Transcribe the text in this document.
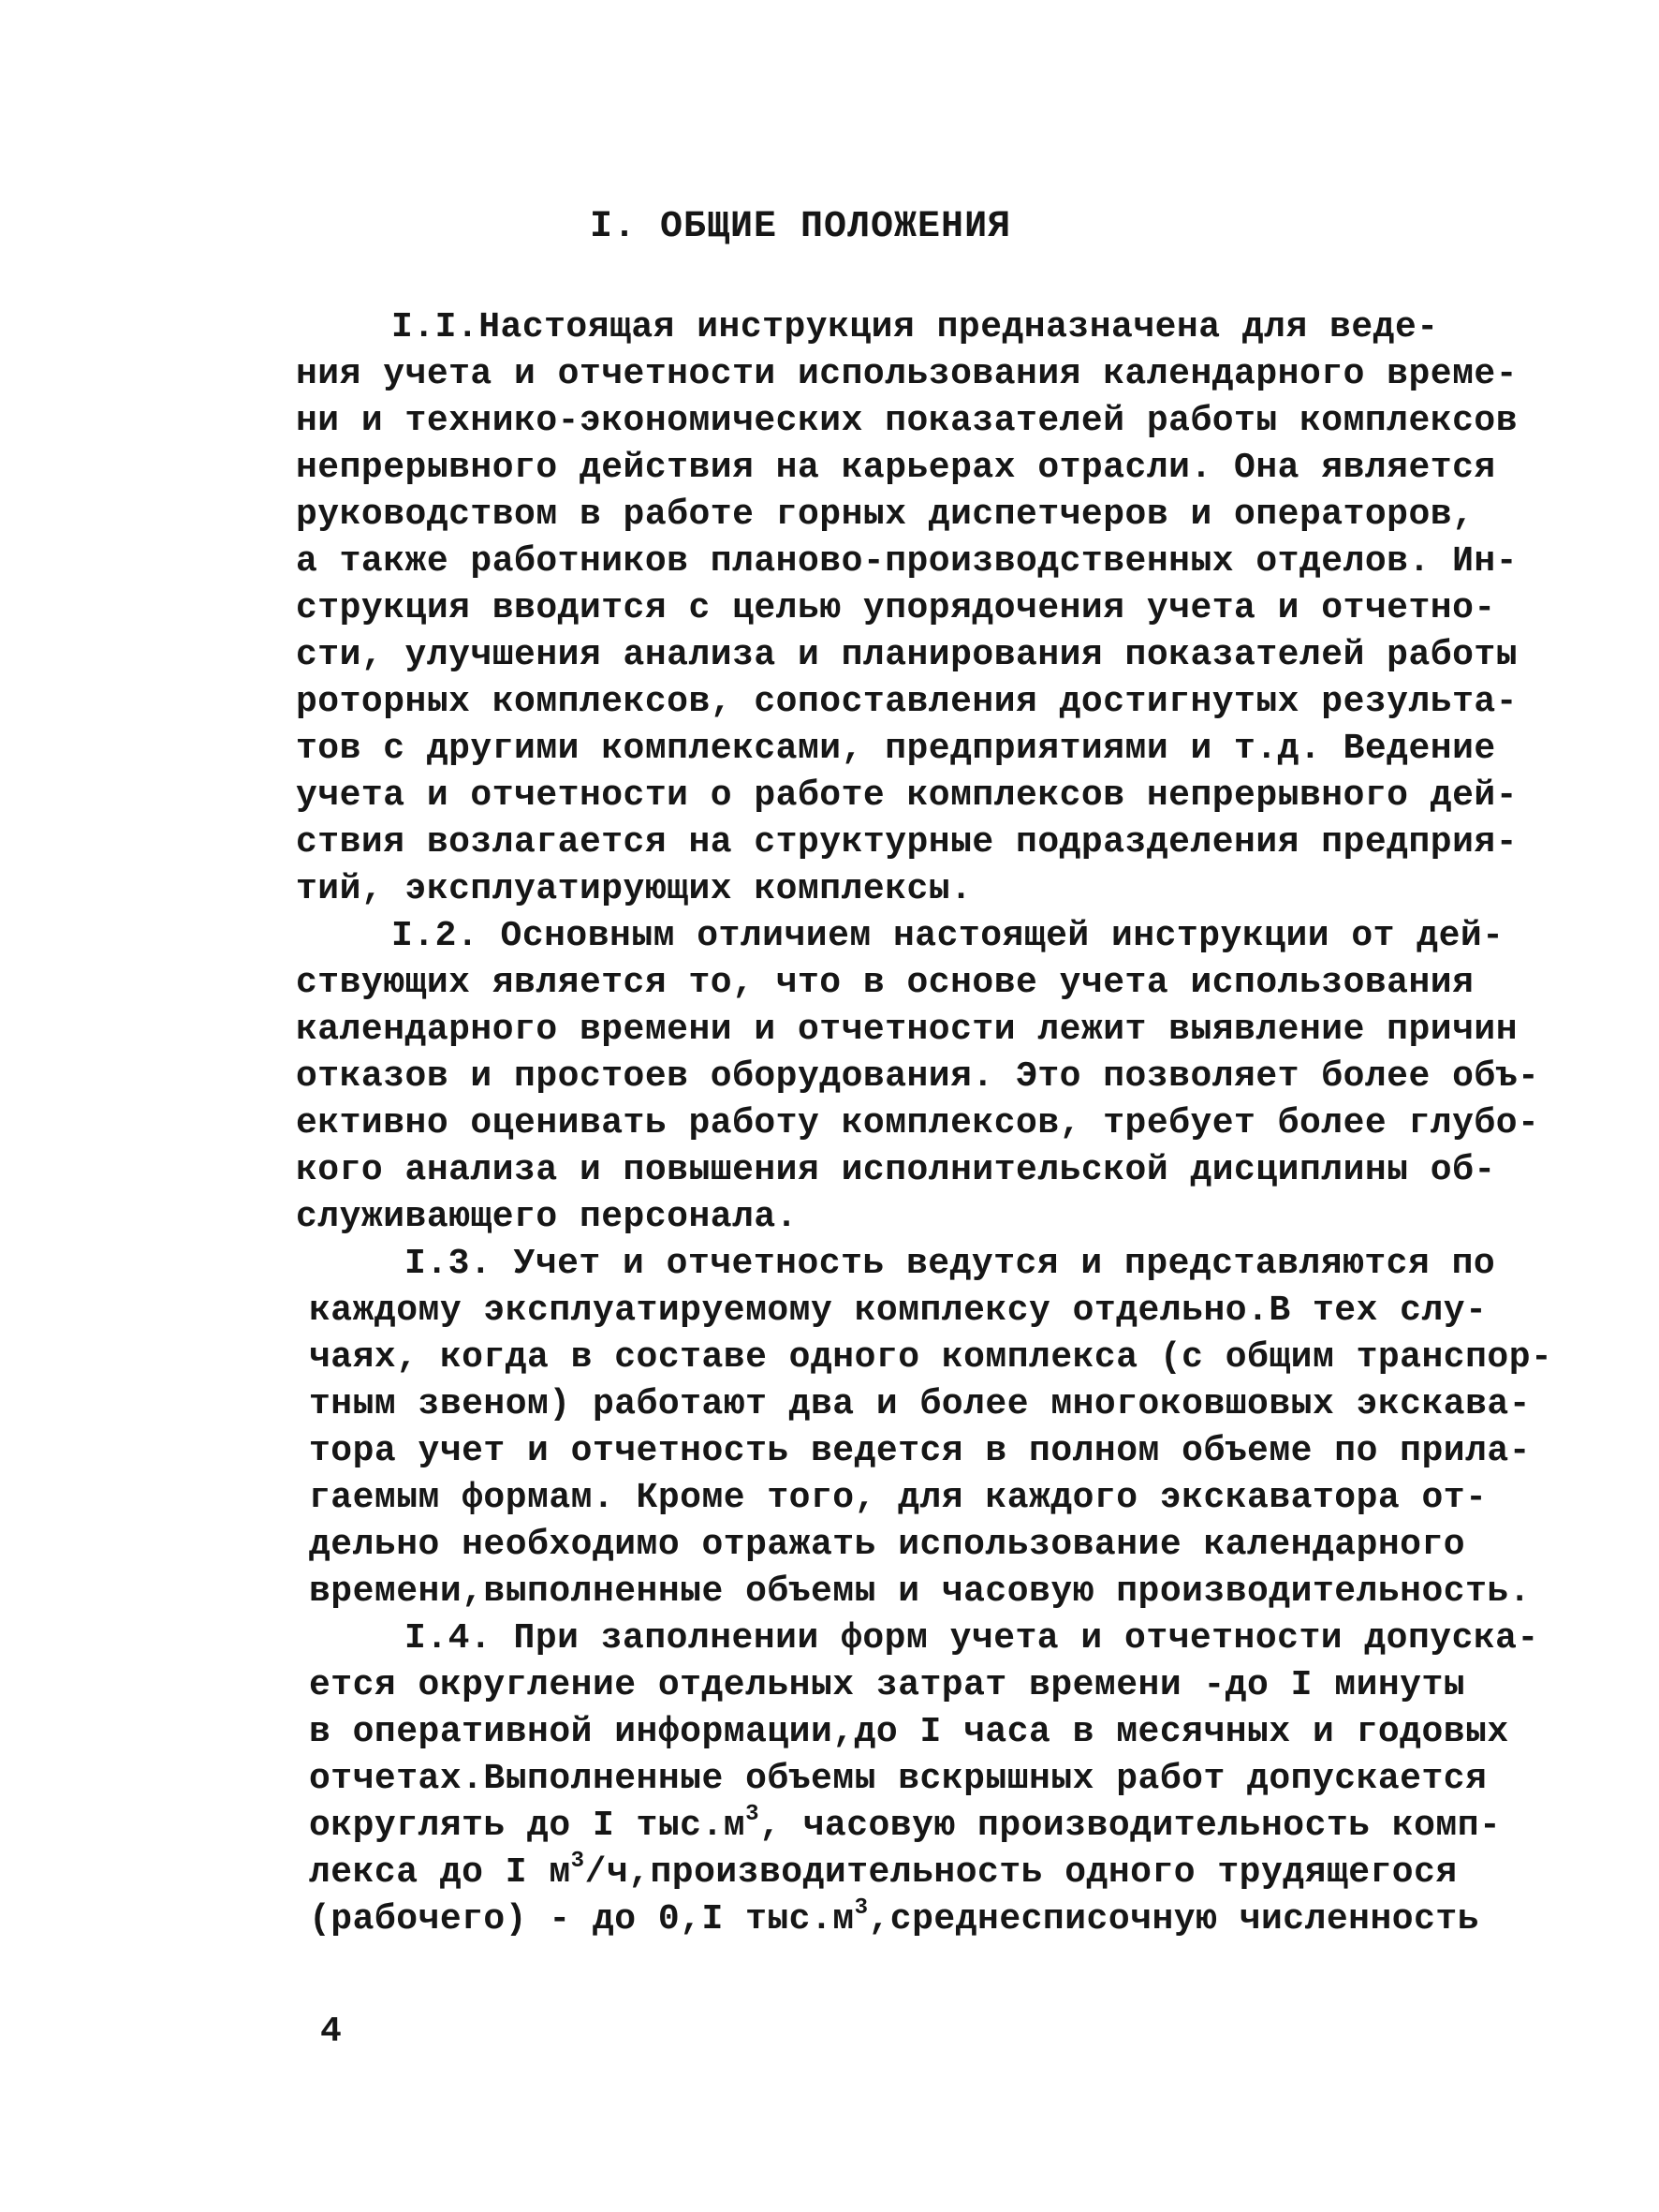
I. ОБЩИЕ ПОЛОЖЕНИЯ
I.I.Настоящая инструкция предназначена для веде-
ния учета и отчетности использования календарного време-
ни и технико-экономических показателей работы комплексов
непрерывного действия на карьерах отрасли. Она является
руководством в работе горных диспетчеров и операторов,
а также работников планово-производственных отделов. Ин-
струкция вводится с целью упорядочения учета и отчетно-
сти, улучшения анализа и планирования показателей работы
роторных комплекcов, сопоставления достигнутых результа-
тов с другими комплексами, предприятиями и т.д. Ведение
учета и отчетности о работе комплексов непрерывного дей-
ствия возлагается на структурные подразделения предприя-
тий, эксплуатирующих комплексы.
I.2. Основным отличием настоящей инструкции от дей-
ствующих является то, что в основе учета использования
календарного времени и отчетности лежит выявление причин
отказов и простоев оборудования. Это позволяет более объ-
ективно оценивать работу комплексов, требует более глубо-
кого анализа и повышения исполнительской дисциплины об-
служивающего персонала.
I.3. Учет и отчетность ведутся и представляются по
каждому эксплуатируемому комплексу отдельно.В тех слу-
чаях, когда в составе одного комплекса (с общим транспор-
тным звеном) работают два и более многоковшовых экскава-
тора учет и отчетность ведется в полном объеме по прила-
гаемым формам. Кроме того, для каждого экскаватора от-
дельно необходимо отражать использование календарного
времени,выполненные объемы и часовую производительность.
I.4. При заполнении форм учета и отчетности допуска-
ется округление отдельных затрат времени -до I минуты
в оперативной информации,до I часа в месячных и годовых
отчетах.Выполненные объемы вскрышных работ допускается
округлять до I $тыс.м^3$, часовую производительность комп-
лекса до I $м^3/ч,производительность$ одного трудящегося
(рабочего) - до 0,I $тыс.м^3,среднесписочную$ численность
4
